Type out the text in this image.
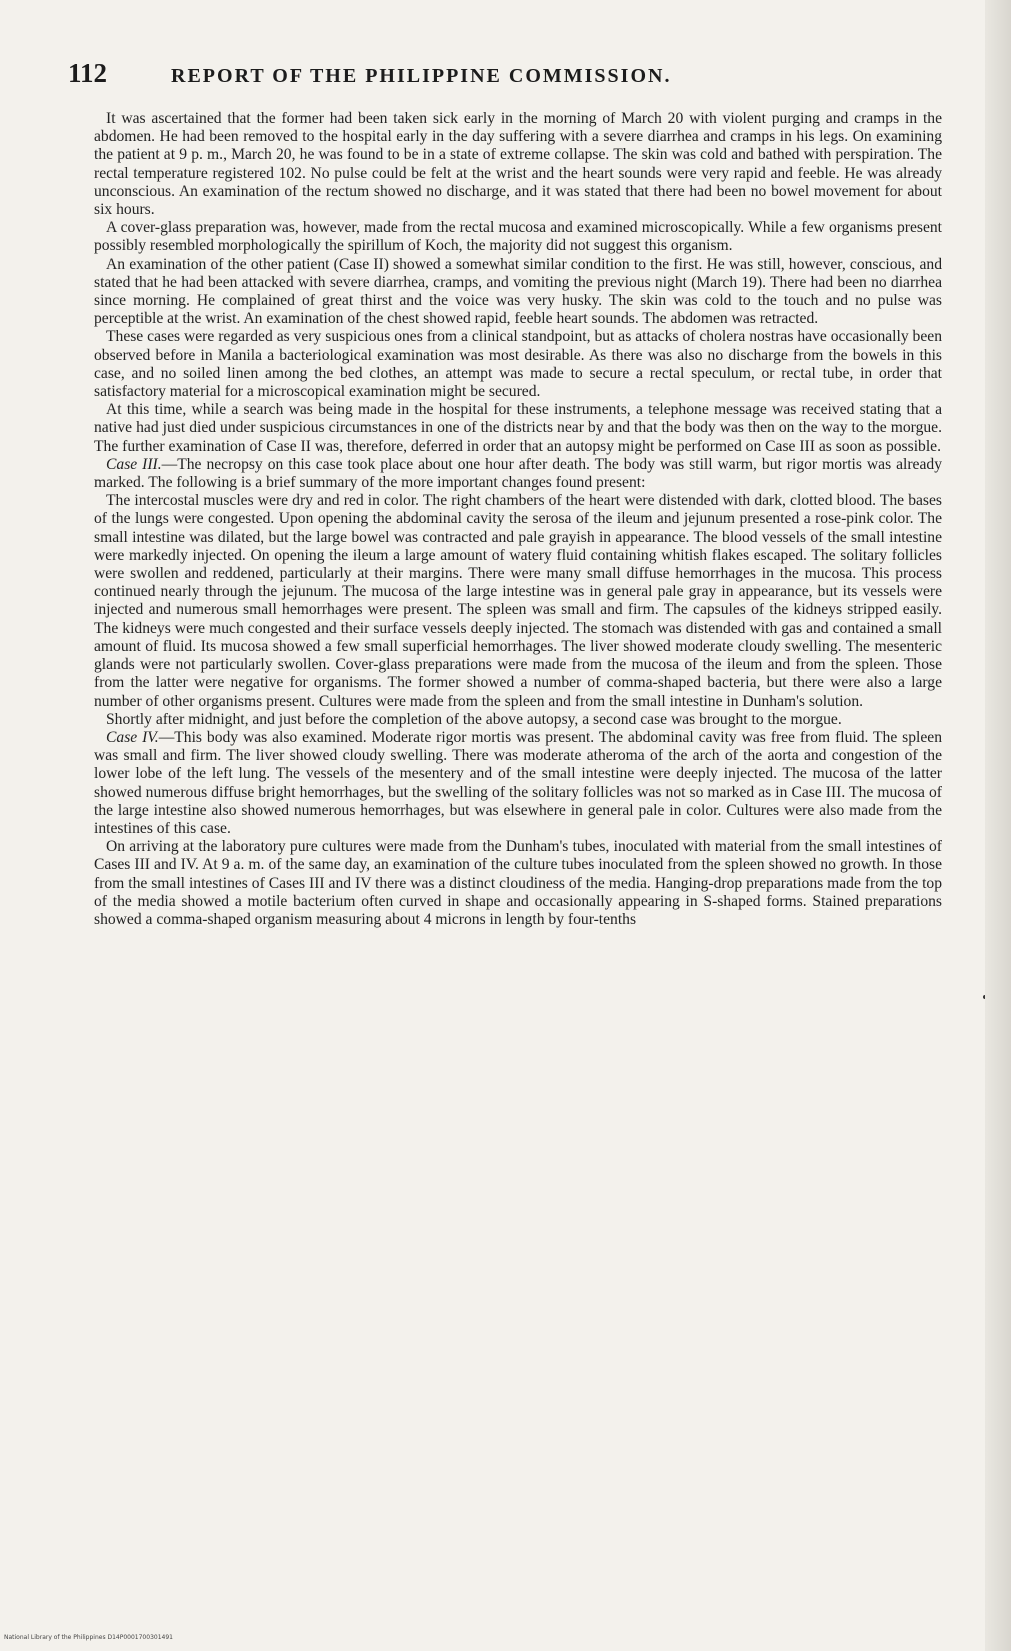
112	REPORT OF THE PHILIPPINE COMMISSION.

It was ascertained that the former had been taken sick early in the morning of March 20 with violent purging and cramps in the abdomen. He had been removed to the hospital early in the day suffering with a severe diarrhea and cramps in his legs. On examining the patient at 9 p. m., March 20, he was found to be in a state of extreme collapse. The skin was cold and bathed with perspiration. The rectal temperature registered 102. No pulse could be felt at the wrist and the heart sounds were very rapid and feeble. He was already unconscious. An examination of the rectum showed no discharge, and it was stated that there had been no bowel movement for about six hours.

A cover-glass preparation was, however, made from the rectal mucosa and examined microscopically. While a few organisms present possibly resembled morphologically the spirillum of Koch, the majority did not suggest this organism.

An examination of the other patient (Case II) showed a somewhat similar condition to the first. He was still, however, conscious, and stated that he had been attacked with severe diarrhea, cramps, and vomiting the previous night (March 19). There had been no diarrhea since morning. He complained of great thirst and the voice was very husky. The skin was cold to the touch and no pulse was perceptible at the wrist. An examination of the chest showed rapid, feeble heart sounds. The abdomen was retracted.

These cases were regarded as very suspicious ones from a clinical standpoint, but as attacks of cholera nostras have occasionally been observed before in Manila a bacteriological examination was most desirable. As there was also no discharge from the bowels in this case, and no soiled linen among the bed clothes, an attempt was made to secure a rectal speculum, or rectal tube, in order that satisfactory material for a microscopical examination might be secured.

At this time, while a search was being made in the hospital for these instruments, a telephone message was received stating that a native had just died under suspicious circumstances in one of the districts near by and that the body was then on the way to the morgue. The further examination of Case II was, therefore, deferred in order that an autopsy might be performed on Case III as soon as possible.

Case III.—The necropsy on this case took place about one hour after death. The body was still warm, but rigor mortis was already marked. The following is a brief summary of the more important changes found present:

The intercostal muscles were dry and red in color. The right chambers of the heart were distended with dark, clotted blood. The bases of the lungs were congested. Upon opening the abdominal cavity the serosa of the ileum and jejunum presented a rose-pink color. The small intestine was dilated, but the large bowel was contracted and pale grayish in appearance. The blood vessels of the small intestine were markedly injected. On opening the ileum a large amount of watery fluid containing whitish flakes escaped. The solitary follicles were swollen and reddened, particularly at their margins. There were many small diffuse hemorrhages in the mucosa. This process continued nearly through the jejunum. The mucosa of the large intestine was in general pale gray in appearance, but its vessels were injected and numerous small hemorrhages were present. The spleen was small and firm. The capsules of the kidneys stripped easily. The kidneys were much congested and their surface vessels deeply injected. The stomach was distended with gas and contained a small amount of fluid. Its mucosa showed a few small superficial hemorrhages. The liver showed moderate cloudy swelling. The mesenteric glands were not particularly swollen. Cover-glass preparations were made from the mucosa of the ileum and from the spleen. Those from the latter were negative for organisms. The former showed a number of comma-shaped bacteria, but there were also a large number of other organisms present. Cultures were made from the spleen and from the small intestine in Dunham's solution.

Shortly after midnight, and just before the completion of the above autopsy, a second case was brought to the morgue.

Case IV.—This body was also examined. Moderate rigor mortis was present. The abdominal cavity was free from fluid. The spleen was small and firm. The liver showed cloudy swelling. There was moderate atheroma of the arch of the aorta and congestion of the lower lobe of the left lung. The vessels of the mesentery and of the small intestine were deeply injected. The mucosa of the latter showed numerous diffuse bright hemorrhages, but the swelling of the solitary follicles was not so marked as in Case III. The mucosa of the large intestine also showed numerous hemorrhages, but was elsewhere in general pale in color. Cultures were also made from the intestines of this case.

On arriving at the laboratory pure cultures were made from the Dunham's tubes, inoculated with material from the small intestines of Cases III and IV. At 9 a. m. of the same day, an examination of the culture tubes inoculated from the spleen showed no growth. In those from the small intestines of Cases III and IV there was a distinct cloudiness of the media. Hanging-drop preparations made from the top of the media showed a motile bacterium often curved in shape and occasionally appearing in S-shaped forms. Stained preparations showed a comma-shaped organism measuring about 4 microns in length by four-tenths

National Library of the Philippines D14P0001700301491
